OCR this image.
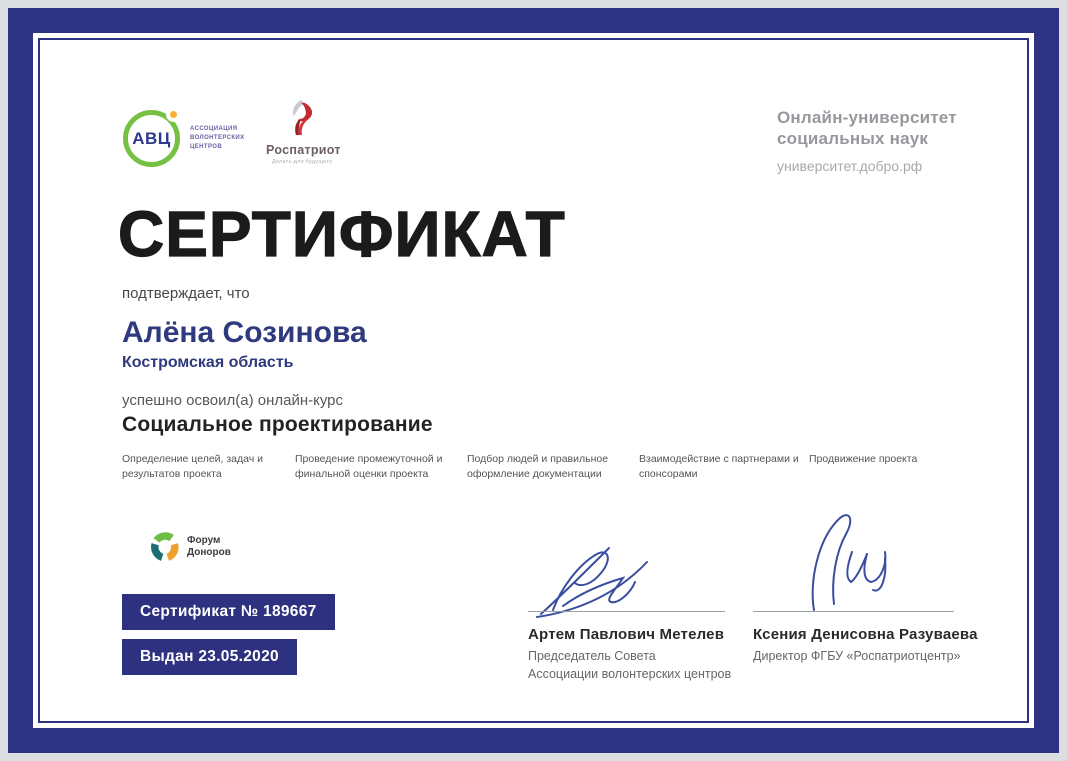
АВЦ	АССОЦИАЦИЯ
ВОЛОНТЕРСКИХ
ЦЕНТРОВ	Роспатриот
Делать для будущего
Онлайн-университет
социальных наук
университет.добро.рф
СЕРТИФИКАТ
подтверждает, что
Алёна Созинова
Костромская область
успешно освоил(а) онлайн-курс
Социальное проектирование
Определение целей, задач и результатов проекта
Проведение промежуточной и финальной оценки проекта
Подбор людей и правильное оформление документации
Взаимодействие с партнерами и спонсорами
Продвижение проекта
Форум
Доноров
Сертификат № 189667
Выдан 23.05.2020
Артем Павлович Метелев
Председатель Совета
Ассоциации волонтерских центров
Ксения Денисовна Разуваева
Директор ФГБУ «Роспатриотцентр»
